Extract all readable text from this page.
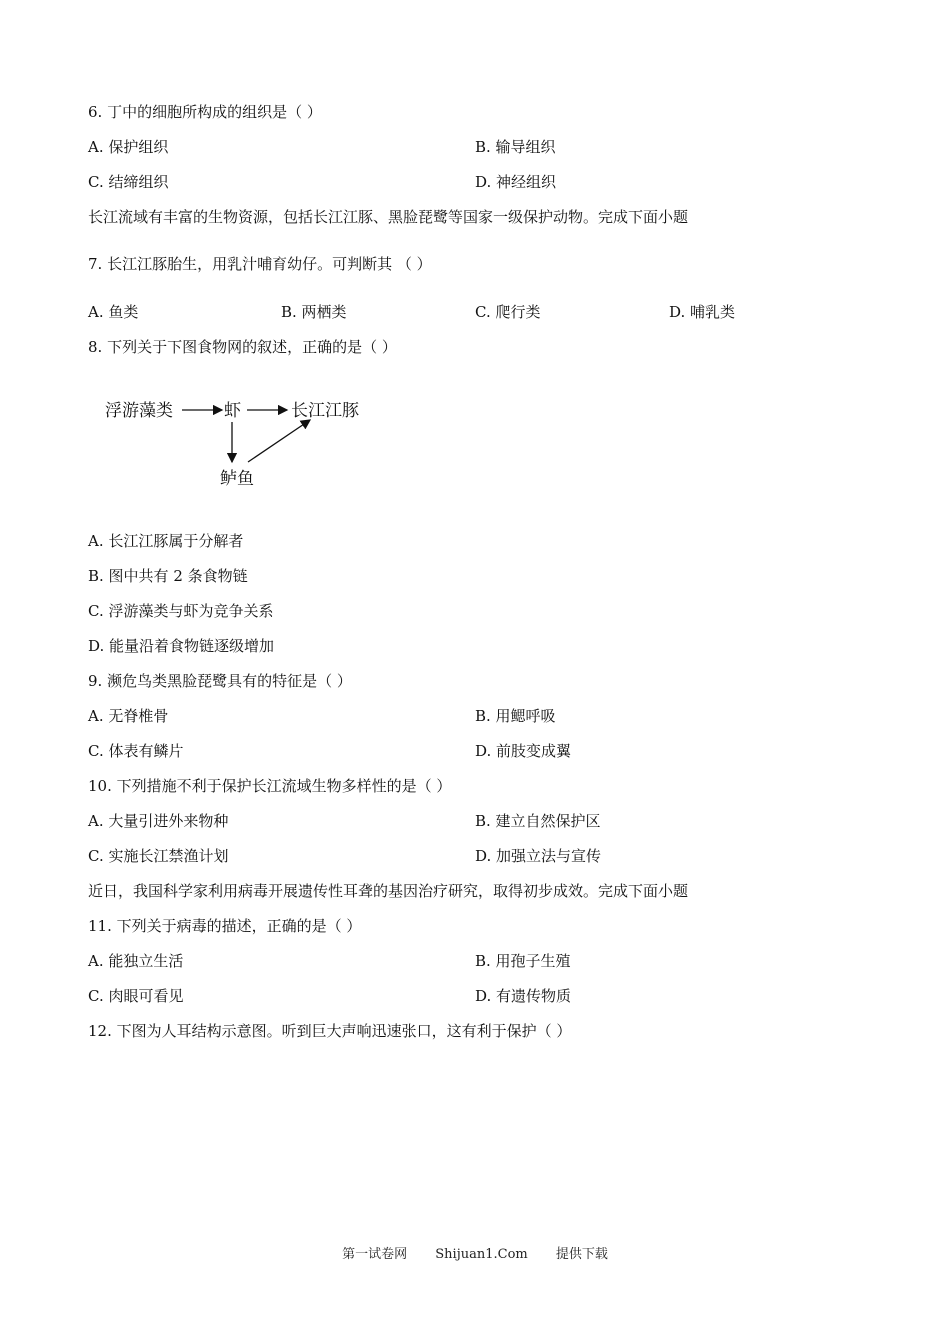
6. 丁中的细胞所构成的组织是（ ）
A. 保护组织	B. 输导组织
C. 结缔组织	D. 神经组织
长江流域有丰富的生物资源，包括长江江豚、黑脸琵鹭等国家一级保护动物。完成下面小题
7. 长江江豚胎生，用乳汁哺育幼仔。可判断其 （ ）
A. 鱼类	B. 两栖类	C. 爬行类	D. 哺乳类
8. 下列关于下图食物网的叙述，正确的是（ ）
浮游藻类	虾	长江江豚
鲈鱼
A. 长江江豚属于分解者
B. 图中共有 2 条食物链
C. 浮游藻类与虾为竞争关系
D. 能量沿着食物链逐级增加
9. 濒危鸟类黑脸琵鹭具有的特征是（ ）
A. 无脊椎骨	B. 用鳃呼吸
C. 体表有鳞片	D. 前肢变成翼
10. 下列措施不利于保护长江流域生物多样性的是（ ）
A. 大量引进外来物种	B. 建立自然保护区
C. 实施长江禁渔计划	D. 加强立法与宣传
近日，我国科学家利用病毒开展遗传性耳聋的基因治疗研究，取得初步成效。完成下面小题
11. 下列关于病毒的描述，正确的是（ ）
A. 能独立生活	B. 用孢子生殖
C. 肉眼可看见	D. 有遗传物质
12. 下图为人耳结构示意图。听到巨大声响迅速张口，这有利于保护（ ）
第一试卷网 Shijuan1.Com 提供下载
